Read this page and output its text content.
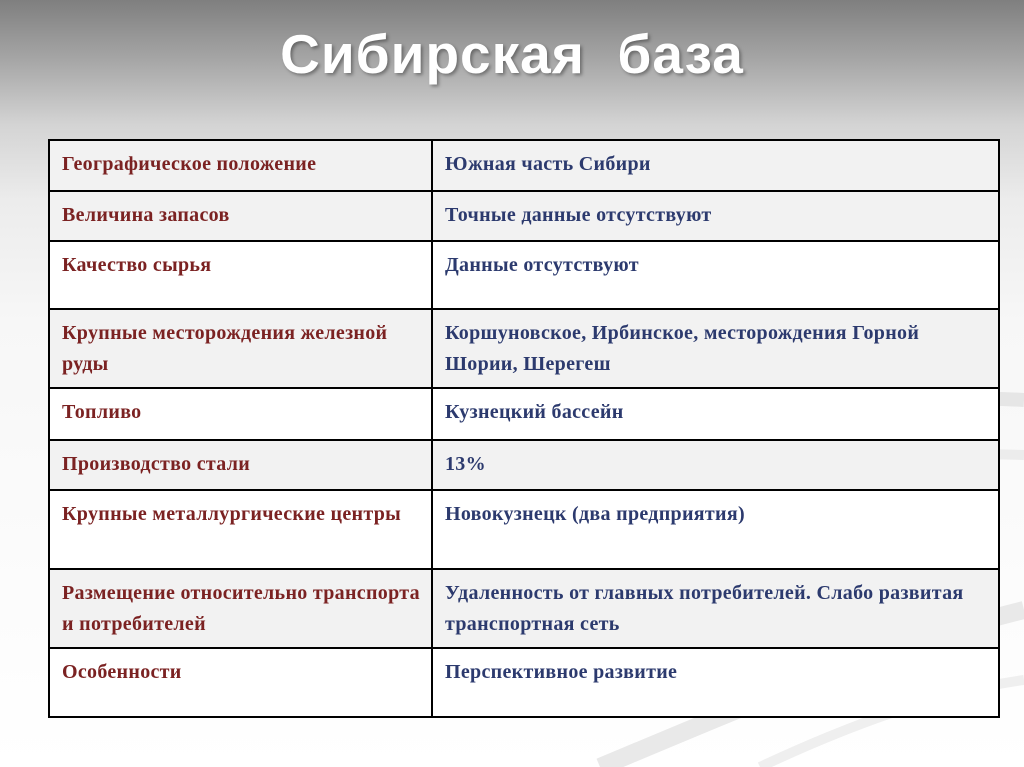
Сибирская  база
Географическое положение	Южная часть Сибири
Величина запасов	Точные данные отсутствуют
Качество сырья	Данные отсутствуют
Крупные месторождения железной руды	Коршуновское, Ирбинское, месторождения Горной Шории, Шерегеш
Топливо	Кузнецкий бассейн
Производство стали	13%
Крупные металлургические центры	Новокузнецк (два предприятия)
Размещение относительно транспорта и потребителей	Удаленность от главных потребителей. Слабо развитая транспортная сеть
Особенности	Перспективное развитие
